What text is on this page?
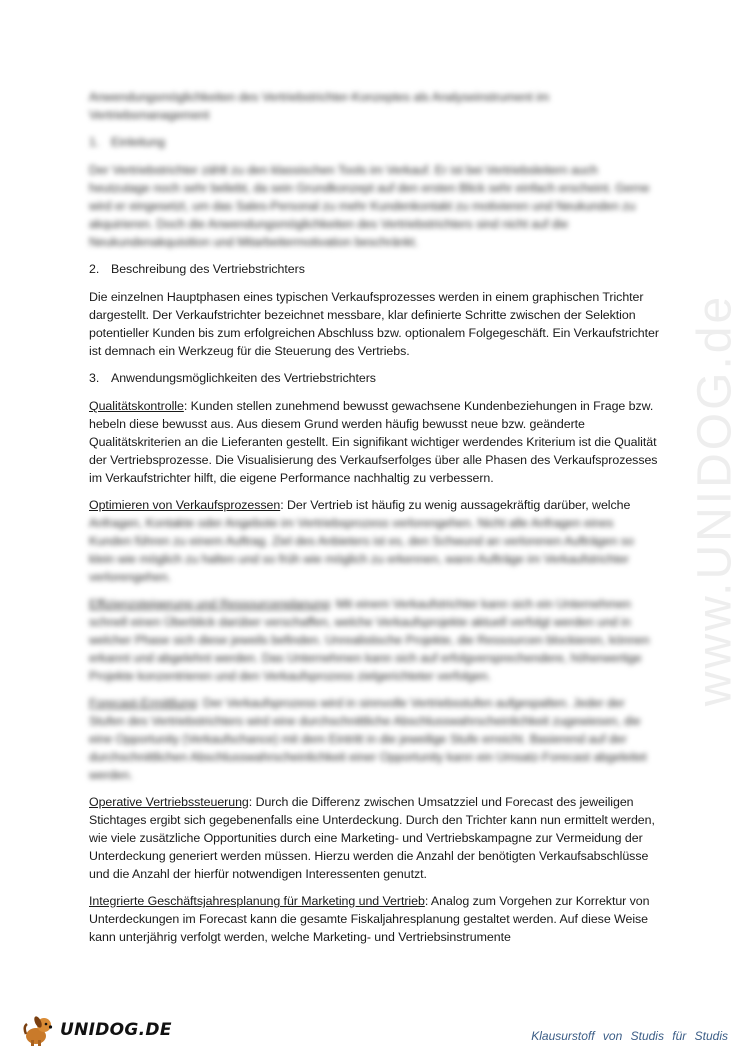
www.UNIDOG.de

Anwendungsmöglichkeiten des Vertriebstrichter-Konzeptes als Analyseinstrument im Vertriebsmanagement

1. Einleitung

Der Vertriebstrichter zählt zu den klassischen Tools im Verkauf. Er ist bei Vertriebsleitern auch heutzutage noch sehr beliebt, da sein Grundkonzept auf den ersten Blick sehr einfach erscheint. Gerne wird er eingesetzt, um das Sales-Personal zu mehr Kundenkontakt zu motivieren und Neukunden zu akquirieren. Doch die Anwendungsmöglichkeiten des Vertriebstrichters sind nicht auf die Neukundenakquisition und Mitarbeitermotivation beschränkt.

2. Beschreibung des Vertriebstrichters

Die einzelnen Hauptphasen eines typischen Verkaufsprozesses werden in einem graphischen Trichter dargestellt. Der Verkaufstrichter bezeichnet messbare, klar definierte Schritte zwischen der Selektion potentieller Kunden bis zum erfolgreichen Abschluss bzw. optionalem Folgegeschäft. Ein Verkaufstrichter ist demnach ein Werkzeug für die Steuerung des Vertriebs.

3. Anwendungsmöglichkeiten des Vertriebstrichters

Qualitätskontrolle: Kunden stellen zunehmend bewusst gewachsene Kundenbeziehungen in Frage bzw. hebeln diese bewusst aus. Aus diesem Grund werden häufig bewusst neue bzw. geänderte Qualitätskriterien an die Lieferanten gestellt. Ein signifikant wichtiger werdendes Kriterium ist die Qualität der Vertriebsprozesse. Die Visualisierung des Verkaufserfolges über alle Phasen des Verkaufsprozesses im Verkaufstrichter hilft, die eigene Performance nachhaltig zu verbessern.

Optimieren von Verkaufsprozessen: Der Vertrieb ist häufig zu wenig aussagekräftig darüber, welche Anfragen, Kontakte oder Angebote im Vertriebsprozess verlorengehen. Nicht alle Anfragen eines Kunden führen zu einem Auftrag. Ziel des Anbieters ist es, den Schwund an verlorenen Aufträgen so klein wie möglich zu halten und so früh wie möglich zu erkennen, wann Aufträge im Verkaufstrichter verlorengehen.

Effizienzsteigerung und Ressourcenplanung: Mit einem Verkaufstrichter kann sich ein Unternehmen schnell einen Überblick darüber verschaffen, welche Verkaufsprojekte aktuell verfolgt werden und in welcher Phase sich diese jeweils befinden. Unrealistische Projekte, die Ressourcen blockieren, können erkannt und abgelehnt werden. Das Unternehmen kann sich auf erfolgversprechendere, höherwertige Projekte konzentrieren und den Verkaufsprozess zielgerichteter verfolgen.

Forecast-Ermittlung: Der Verkaufsprozess wird in sinnvolle Vertriebsstufen aufgespalten. Jeder der Stufen des Vertriebstrichters wird eine durchschnittliche Abschlusswahrscheinlichkeit zugewiesen, die eine Opportunity (Verkaufschance) mit dem Eintritt in die jeweilige Stufe erreicht. Basierend auf der durchschnittlichen Abschlusswahrscheinlichkeit einer Opportunity kann ein Umsatz-Forecast abgeleitet werden.

Operative Vertriebssteuerung: Durch die Differenz zwischen Umsatzziel und Forecast des jeweiligen Stichtages ergibt sich gegebenenfalls eine Unterdeckung. Durch den Trichter kann nun ermittelt werden, wie viele zusätzliche Opportunities durch eine Marketing- und Vertriebskampagne zur Vermeidung der Unterdeckung generiert werden müssen. Hierzu werden die Anzahl der benötigten Verkaufsabschlüsse und die Anzahl der hierfür notwendigen Interessenten genutzt.

Integrierte Geschäftsjahresplanung für Marketing und Vertrieb: Analog zum Vorgehen zur Korrektur von Unterdeckungen im Forecast kann die gesamte Fiskaljahresplanung gestaltet werden. Auf diese Weise kann unterjährig verfolgt werden, welche Marketing- und Vertriebsinstrumente

UNIDOG.DE	Klausurstoff von Studis für Studis
